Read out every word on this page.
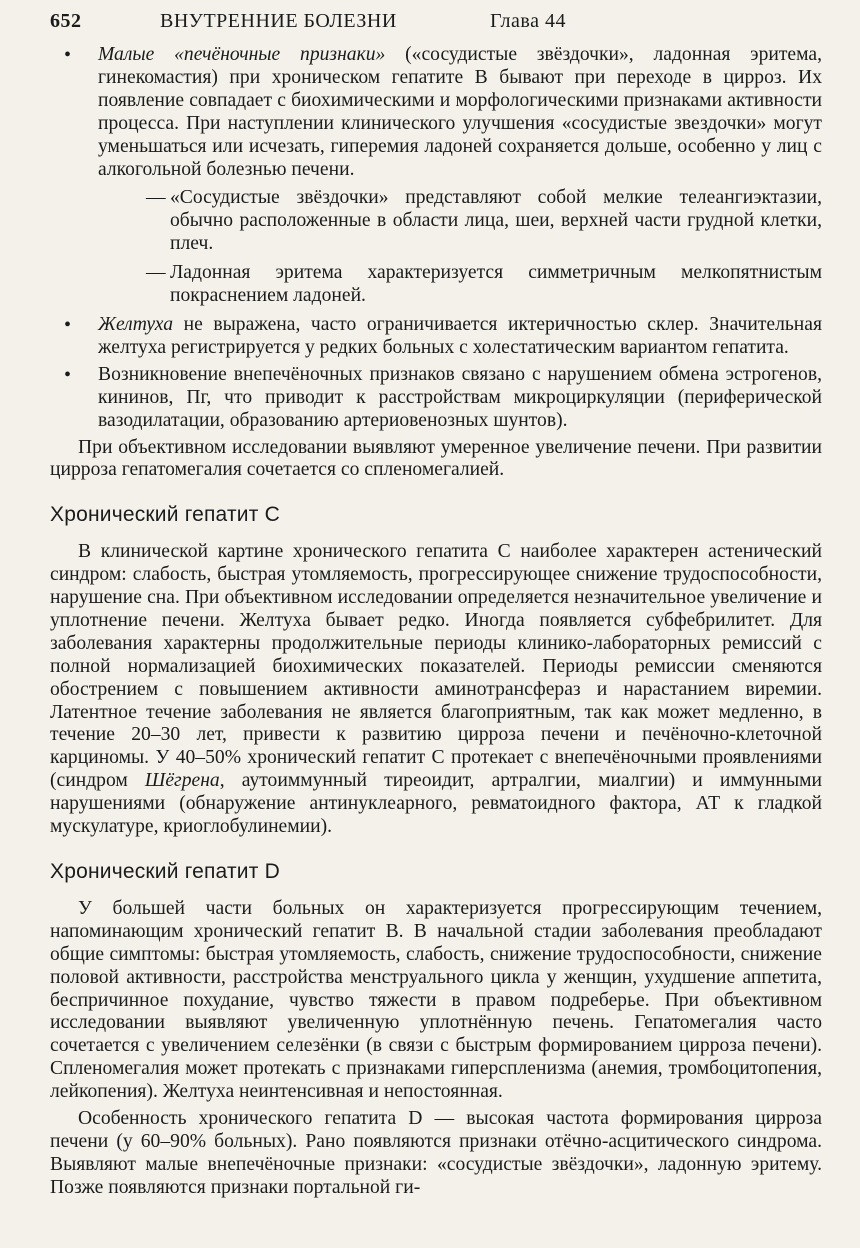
652	ВНУТРЕННИЕ БОЛЕЗНИ	Глава 44
• Малые «печёночные признаки» («сосудистые звёздочки», ладонная эритема, гинекомастия) при хроническом гепатите В бывают при переходе в цирроз. Их появление совпадает с биохимическими и морфологическими признаками активности процесса. При наступлении клинического улучшения «сосудистые звездочки» могут уменьшаться или исчезать, гиперемия ладоней сохраняется дольше, особенно у лиц с алкогольной болезнью печени.
— «Сосудистые звёздочки» представляют собой мелкие телеангиэктазии, обычно расположенные в области лица, шеи, верхней части грудной клетки, плеч.
— Ладонная эритема характеризуется симметричным мелкопятнистым покраснением ладоней.
• Желтуха не выражена, часто ограничивается иктеричностью склер. Значительная желтуха регистрируется у редких больных с холестатическим вариантом гепатита.
• Возникновение внепечёночных признаков связано с нарушением обмена эстрогенов, кининов, Пг, что приводит к расстройствам микроциркуляции (периферической вазодилатации, образованию артериовенозных шунтов).

При объективном исследовании выявляют умеренное увеличение печени. При развитии цирроза гепатомегалия сочетается со спленомегалией.

Хронический гепатит С

В клинической картине хронического гепатита С наиболее характерен астенический синдром: слабость, быстрая утомляемость, прогрессирующее снижение трудоспособности, нарушение сна. При объективном исследовании определяется незначительное увеличение и уплотнение печени. Желтуха бывает редко. Иногда появляется субфебрилитет. Для заболевания характерны продолжительные периоды клинико-лабораторных ремиссий с полной нормализацией биохимических показателей. Периоды ремиссии сменяются обострением с повышением активности аминотрансфераз и нарастанием виремии. Латентное течение заболевания не является благоприятным, так как может медленно, в течение 20–30 лет, привести к развитию цирроза печени и печёночно-клеточной карциномы. У 40–50% хронический гепатит С протекает с внепечёночными проявлениями (синдром Шёгрена, аутоиммунный тиреоидит, артралгии, миалгии) и иммунными нарушениями (обнаружение антинуклеарного, ревматоидного фактора, АТ к гладкой мускулатуре, криоглобулинемии).

Хронический гепатит D

У большей части больных он характеризуется прогрессирующим течением, напоминающим хронический гепатит В. В начальной стадии заболевания преобладают общие симптомы: быстрая утомляемость, слабость, снижение трудоспособности, снижение половой активности, расстройства менструального цикла у женщин, ухудшение аппетита, беспричинное похудание, чувство тяжести в правом подреберье. При объективном исследовании выявляют увеличенную уплотнённую печень. Гепатомегалия часто сочетается с увеличением селезёнки (в связи с быстрым формированием цирроза печени). Спленомегалия может протекать с признаками гиперспленизма (анемия, тромбоцитопения, лейкопения). Желтуха неинтенсивная и непостоянная.

Особенность хронического гепатита D — высокая частота формирования цирроза печени (у 60–90% больных). Рано появляются признаки отёчно-асцитического синдрома. Выявляют малые внепечёночные признаки: «сосудистые звёздочки», ладонную эритему. Позже появляются признаки портальной ги-
